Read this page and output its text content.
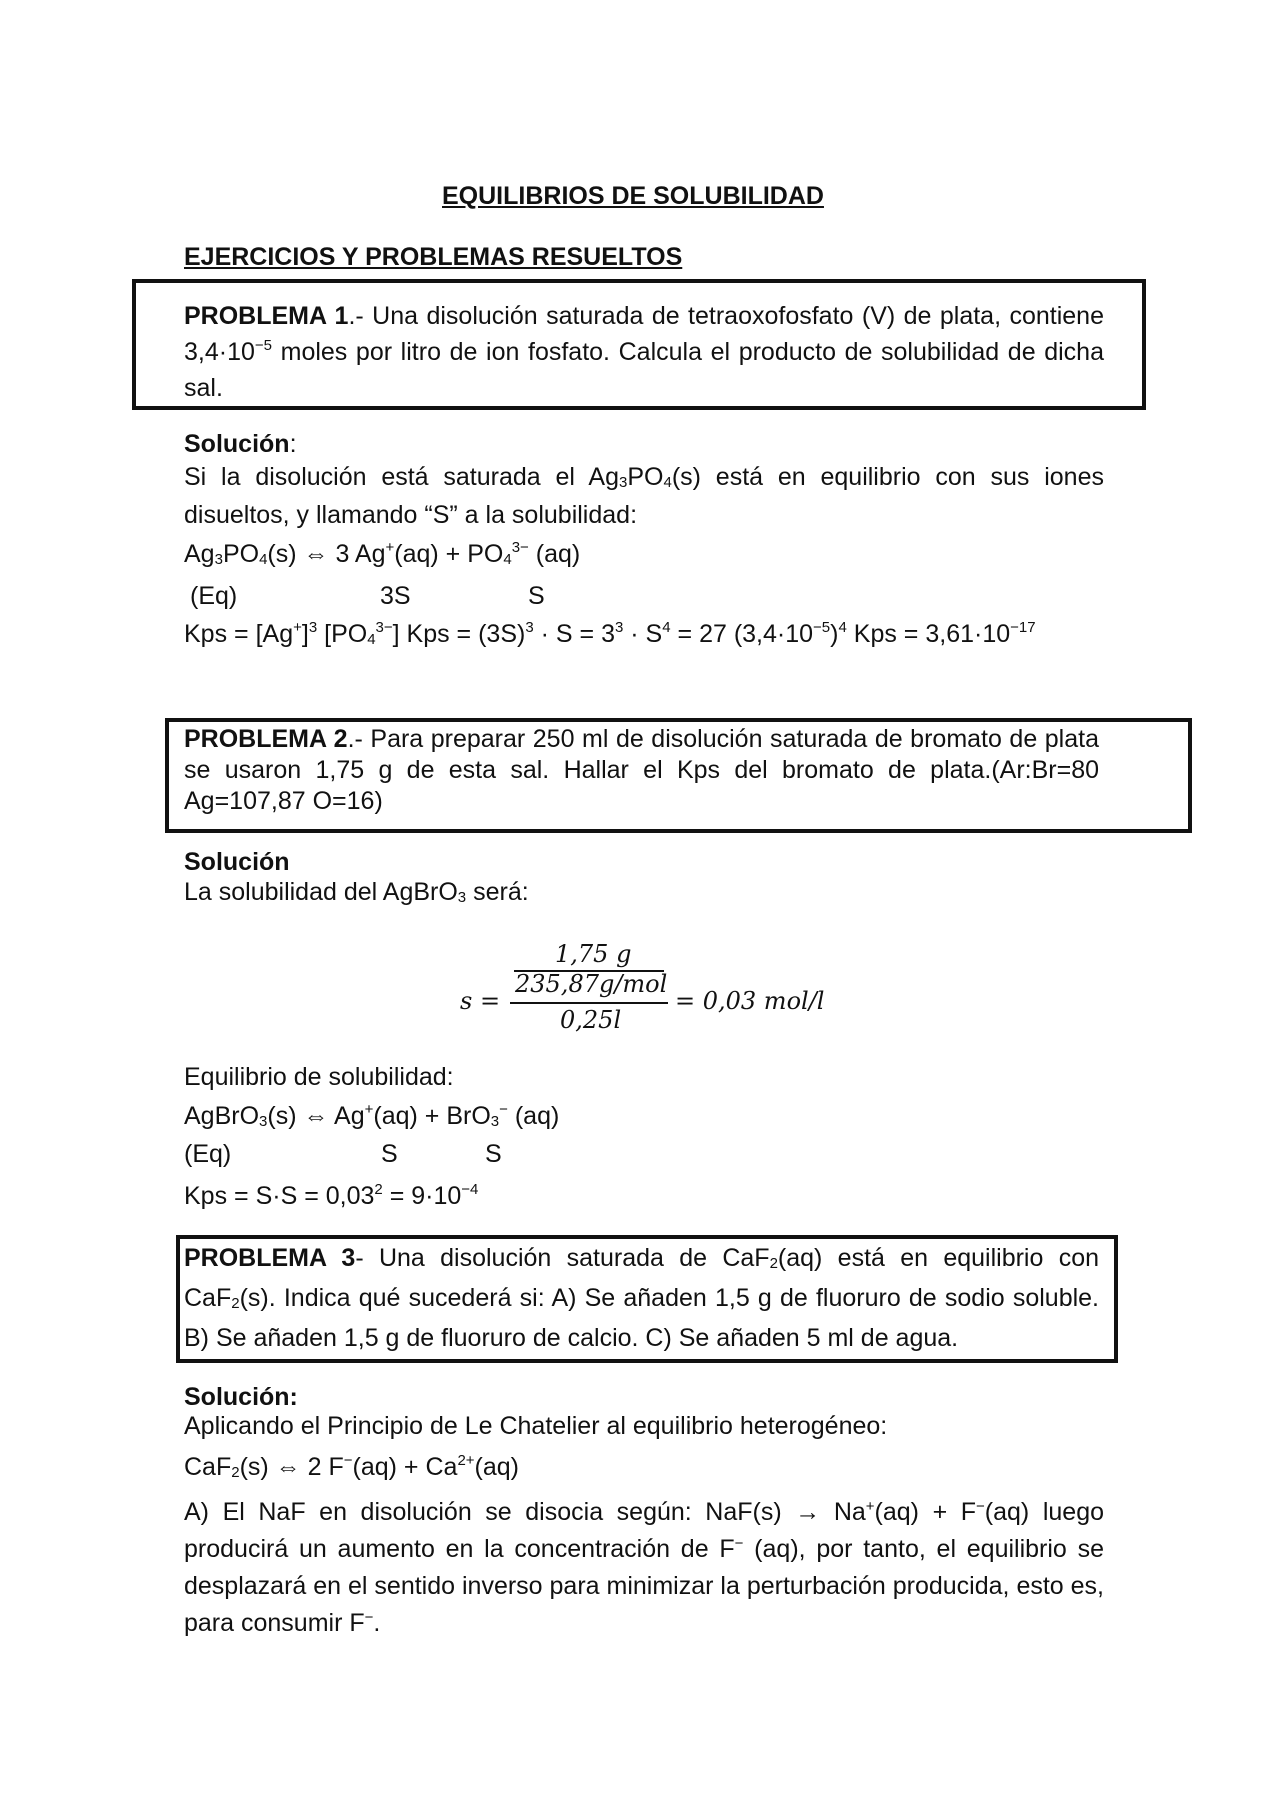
EQUILIBRIOS DE SOLUBILIDAD
EJERCICIOS Y PROBLEMAS RESUELTOS
PROBLEMA 1.- Una disolución saturada de tetraoxofosfato (V) de plata, contiene $3,4\cdot 10^{-5}$ moles por litro de ion fosfato. Calcula el producto de solubilidad de dicha sal.
Solución:
Si la disolución está saturada el $Ag_3PO_4(s)$ está en equilibrio con sus iones disueltos, y llamando “S” a la solubilidad:
$Ag_3PO_4(s)$ ⇔ 3 $Ag^+(aq) + PO_4^{3-}$ (aq)
(Eq)	3S	S
Kps = $[Ag^+]^3$ $[PO_4^{3-}]$ Kps = $(3S)^3 \cdot S = 3^3 \cdot S^4 = 27$ $(3,4\cdot 10^{-5})^4$ Kps = $3,61\cdot 10^{-17}$
PROBLEMA 2.- Para preparar 250 ml de disolución saturada de bromato de plata se usaron 1,75 g de esta sal. Hallar el Kps del bromato de plata.(Ar:Br=80 Ag=107,87 O=16)
Solución
La solubilidad del AgBrO$_3$ será:
s =
1,75 g
235,87g/mol
0,25l
= 0,03 mol/l
Equilibrio de solubilidad:
AgBrO$_3$(s) ⇔ Ag+(aq) + BrO$_3$− (aq)
(Eq)	S	S
Kps = $S\cdot S = 0,03^2 = 9\cdot 10^{-4}$
PROBLEMA 3- Una disolución saturada de CaF$_2$(aq) está en equilibrio con CaF$_2$(s). Indica qué sucederá si: A) Se añaden 1,5 g de fluoruro de sodio soluble. B) Se añaden 1,5 g de fluoruro de calcio. C) Se añaden 5 ml de agua.
Solución:
Aplicando el Principio de Le Chatelier al equilibrio heterogéneo:
CaF$_2$(s) ⇔ 2 $F^-(aq) + Ca^{2+}(aq)$
A) El NaF en disolución se disocia según: NaF(s) → Na+(aq) + F−(aq) luego producirá un aumento en la concentración de F− (aq), por tanto, el equilibrio se desplazará en el sentido inverso para minimizar la perturbación producida, esto es, para consumir F−.
